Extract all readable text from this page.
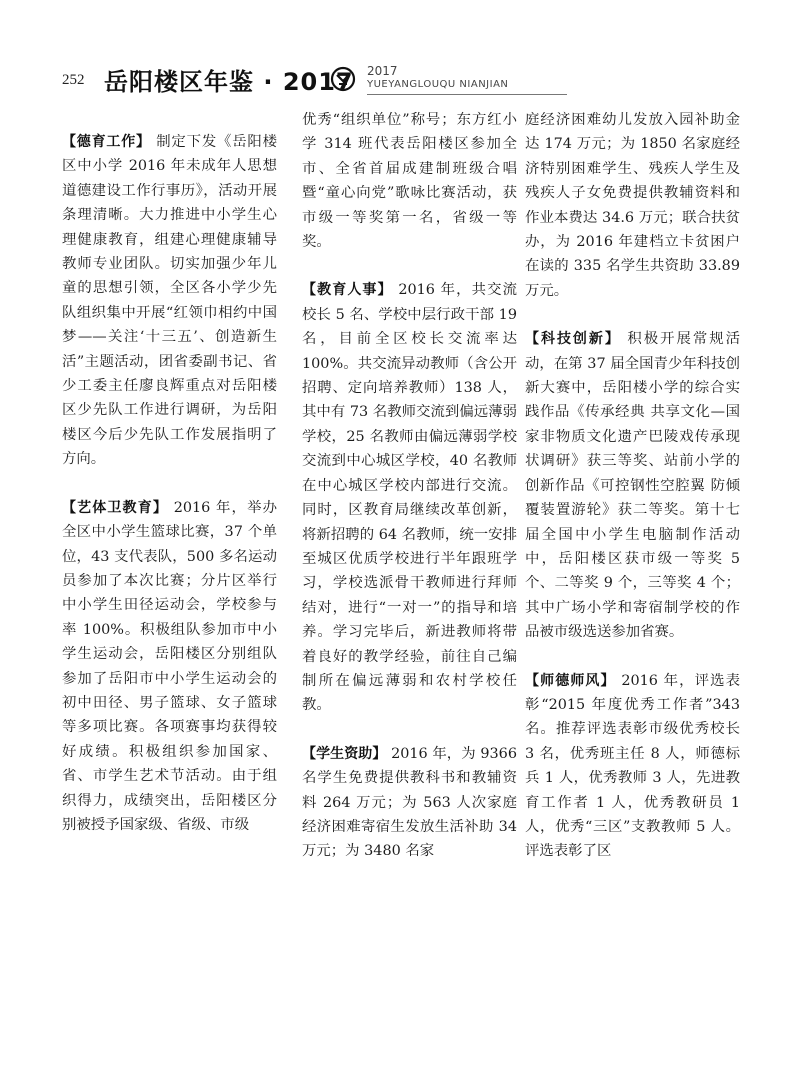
252 岳阳楼区年鉴 · 2017 2017
YUEYANGLOUQU NIANJIAN

【德育工作】 制定下发《岳阳楼区中小学 2016 年未成年人思想道德建设工作行事历》，活动开展条理清晰。大力推进中小学生心理健康教育，组建心理健康辅导教师专业团队。切实加强少年儿童的思想引领，全区各小学少先队组织集中开展“红领巾相约中国梦——关注‘十三五’、创造新生活”主题活动，团省委副书记、省少工委主任廖良辉重点对岳阳楼区少先队工作进行调研，为岳阳楼区今后少先队工作发展指明了方向。

【艺体卫教育】 2016 年，举办全区中小学生篮球比赛，37 个单位，43 支代表队，500 多名运动员参加了本次比赛；分片区举行中小学生田径运动会，学校参与率 100%。积极组队参加市中小学生运动会，岳阳楼区分别组队参加了岳阳市中小学生运动会的初中田径、男子篮球、女子篮球等多项比赛。各项赛事均获得较好成绩。积极组织参加国家、省、市学生艺术节活动。由于组织得力，成绩突出，岳阳楼区分别被授予国家级、省级、市级

优秀“组织单位”称号；东方红小学 314 班代表岳阳楼区参加全市、全省首届成建制班级合唱暨“童心向党”歌咏比赛活动，获市级一等奖第一名，省级一等奖。

【教育人事】 2016 年，共交流校长 5 名、学校中层行政干部 19 名，目前全区校长交流率达 100%。共交流异动教师（含公开招聘、定向培养教师）138 人，其中有 73 名教师交流到偏远薄弱学校，25 名教师由偏远薄弱学校交流到中心城区学校，40 名教师在中心城区学校内部进行交流。同时，区教育局继续改革创新，将新招聘的 64 名教师，统一安排至城区优质学校进行半年跟班学习，学校选派骨干教师进行拜师结对，进行“一对一”的指导和培养。学习完毕后，新进教师将带着良好的教学经验，前往自己编制所在偏远薄弱和农村学校任教。

【学生资助】 2016 年，为 9366 名学生免费提供教科书和教辅资料 264 万元；为 563 人次家庭经济困难寄宿生发放生活补助 34 万元；为 3480 名家

庭经济困难幼儿发放入园补助金达 174 万元；为 1850 名家庭经济特别困难学生、残疾人学生及残疾人子女免费提供教辅资料和作业本费达 34.6 万元；联合扶贫办，为 2016 年建档立卡贫困户在读的 335 名学生共资助 33.89 万元。

【科技创新】 积极开展常规活动，在第 37 届全国青少年科技创新大赛中，岳阳楼小学的综合实践作品《传承经典 共享文化—国家非物质文化遗产巴陵戏传承现状调研》获三等奖、站前小学的创新作品《可控钢性空腔翼 防倾覆装置游轮》获二等奖。第十七届全国中小学生电脑制作活动中，岳阳楼区获市级一等奖 5 个、二等奖 9 个，三等奖 4 个；其中广场小学和寄宿制学校的作品被市级选送参加省赛。

【师德师风】 2016 年，评选表彰“2015 年度优秀工作者”343 名。推荐评选表彰市级优秀校长 3 名，优秀班主任 8 人，师德标兵 1 人，优秀教师 3 人，先进教育工作者 1 人，优秀教研员 1 人，优秀“三区”支教教师 5 人。评选表彰了区
